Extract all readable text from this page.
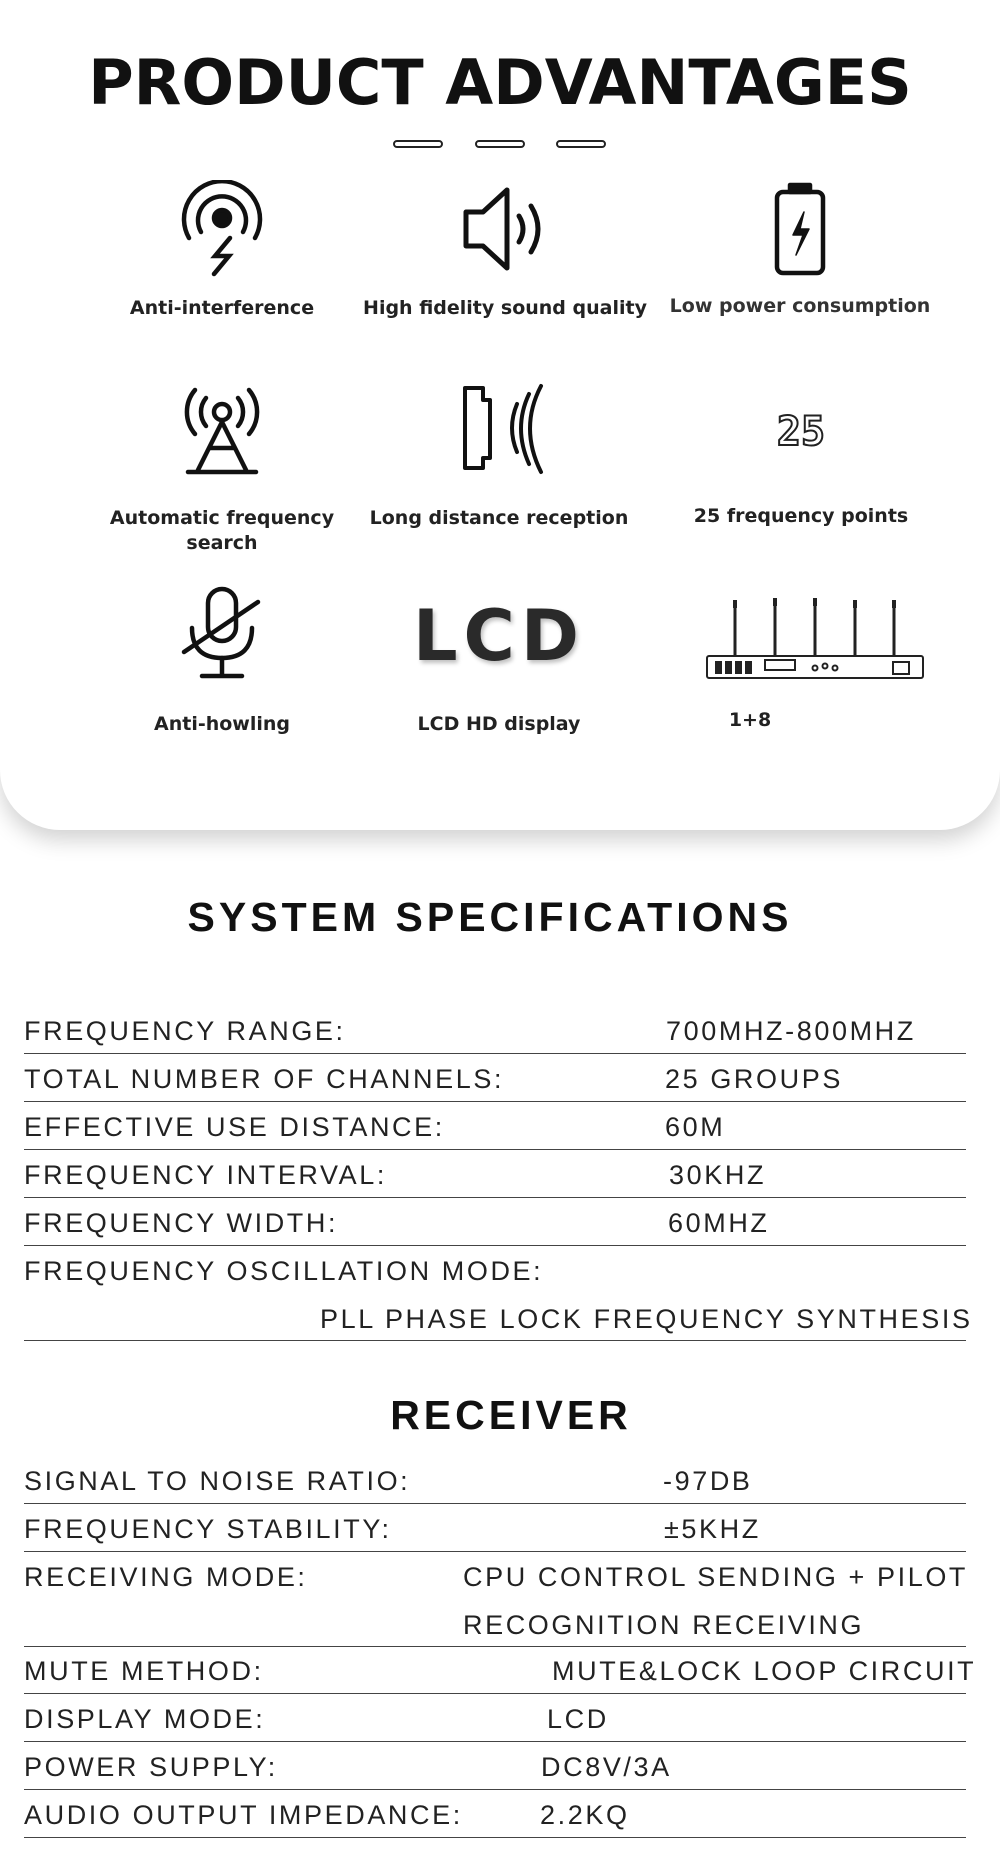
PRODUCT ADVANTAGES
Anti-interference	High fidelity sound quality	Low power consumption
Automatic frequency search
Long distance reception
25
25 frequency points
Anti-howling
LCD
LCD HD display	1+8
SYSTEM SPECIFICATIONS
FREQUENCY RANGE:	700MHZ-800MHZ
TOTAL NUMBER OF CHANNELS:	25 GROUPS
EFFECTIVE USE DISTANCE:	60M
FREQUENCY INTERVAL:	30KHZ
FREQUENCY WIDTH:	60MHZ
FREQUENCY OSCILLATION MODE:
PLL PHASE LOCK FREQUENCY SYNTHESIS
RECEIVER
SIGNAL TO NOISE RATIO:	-97DB
FREQUENCY STABILITY:	±5KHZ
RECEIVING MODE:	CPU CONTROL SENDING + PILOT
RECOGNITION RECEIVING
MUTE METHOD:	MUTE&LOCK LOOP CIRCUIT
DISPLAY MODE:	LCD
POWER SUPPLY:	DC8V/3A
AUDIO OUTPUT IMPEDANCE:	2.2KQ
